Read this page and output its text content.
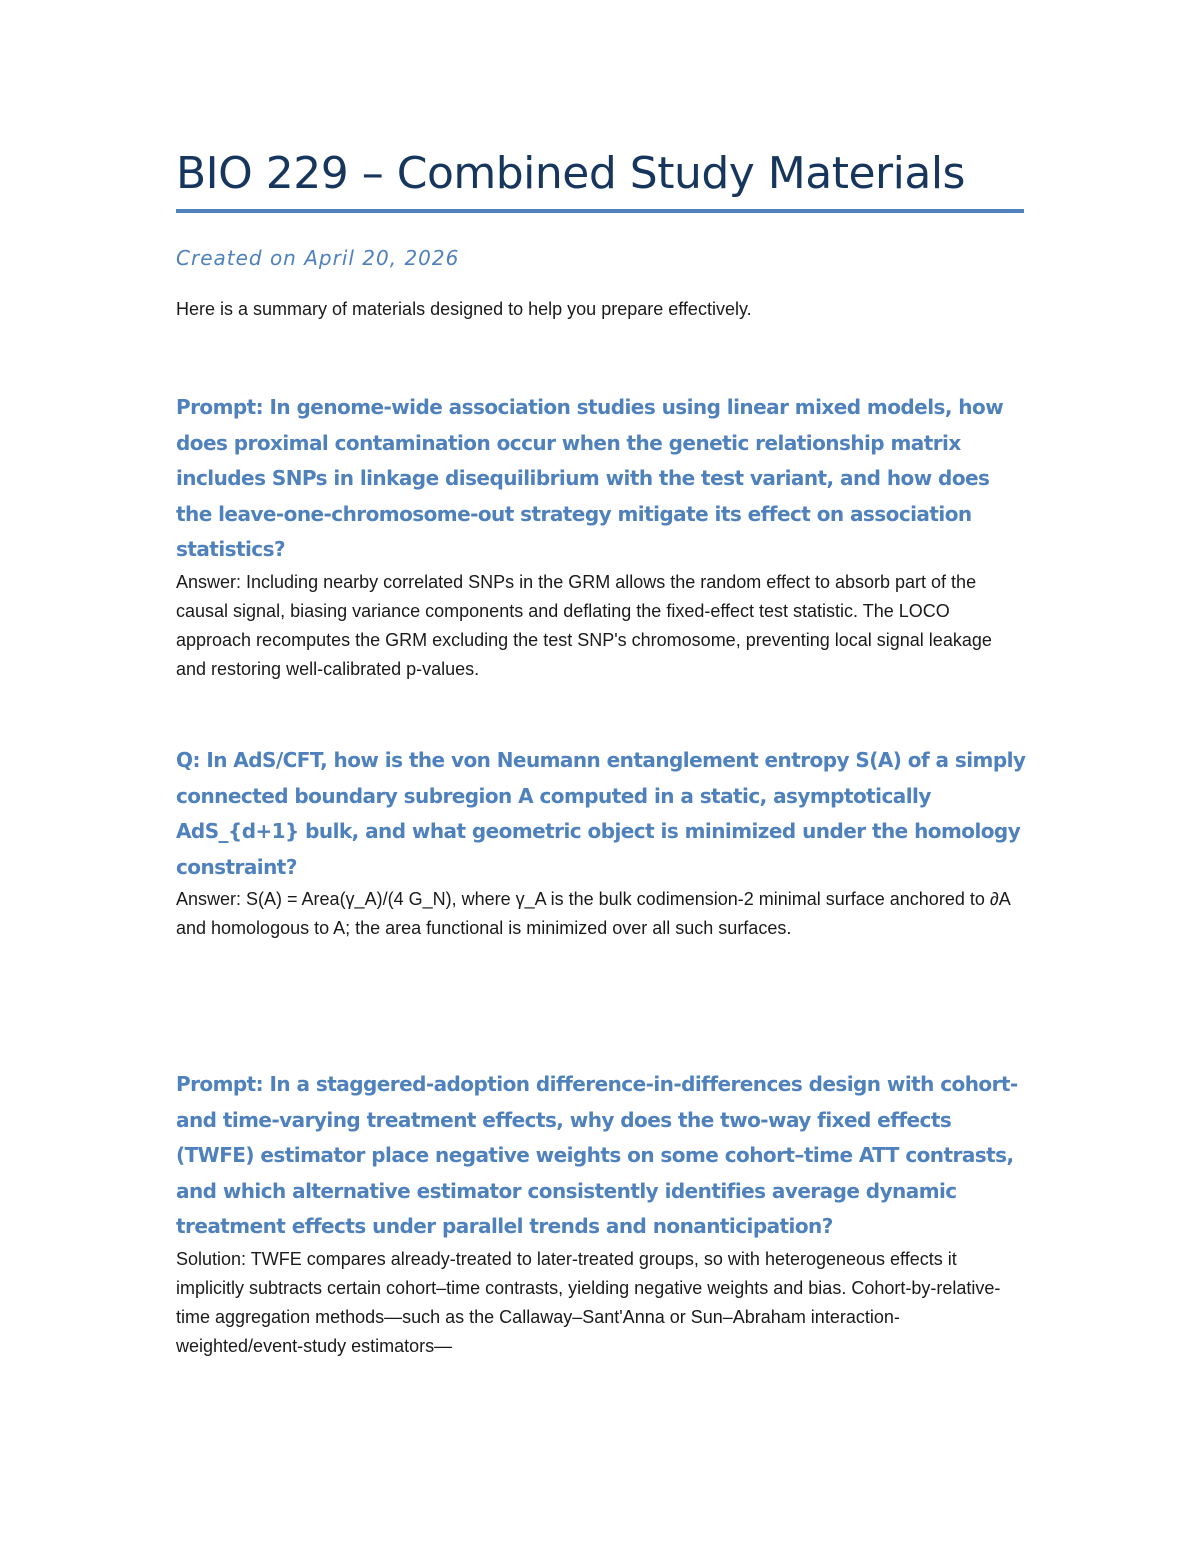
BIO 229 – Combined Study Materials

Created on April 20, 2026

Here is a summary of materials designed to help you prepare effectively.

Prompt: In genome-wide association studies using linear mixed models, how does proximal contamination occur when the genetic relationship matrix includes SNPs in linkage disequilibrium with the test variant, and how does the leave-one-chromosome-out strategy mitigate its effect on association statistics?

Answer: Including nearby correlated SNPs in the GRM allows the random effect to absorb part of the causal signal, biasing variance components and deflating the fixed-effect test statistic. The LOCO approach recomputes the GRM excluding the test SNP's chromosome, preventing local signal leakage and restoring well-calibrated p-values.

Q: In AdS/CFT, how is the von Neumann entanglement entropy S(A) of a simply connected boundary subregion A computed in a static, asymptotically AdS_{d+1} bulk, and what geometric object is minimized under the homology constraint?

Answer: S(A) = Area(γ_A)/(4 G_N), where γ_A is the bulk codimension-2 minimal surface anchored to ∂A and homologous to A; the area functional is minimized over all such surfaces.

Prompt: In a staggered-adoption difference-in-differences design with cohort- and time-varying treatment effects, why does the two-way fixed effects (TWFE) estimator place negative weights on some cohort–time ATT contrasts, and which alternative estimator consistently identifies average dynamic treatment effects under parallel trends and nonanticipation?

Solution: TWFE compares already-treated to later-treated groups, so with heterogeneous effects it implicitly subtracts certain cohort–time contrasts, yielding negative weights and bias. Cohort-by-relative-time aggregation methods—such as the Callaway–Sant'Anna or Sun–Abraham interaction-weighted/event-study estimators—
